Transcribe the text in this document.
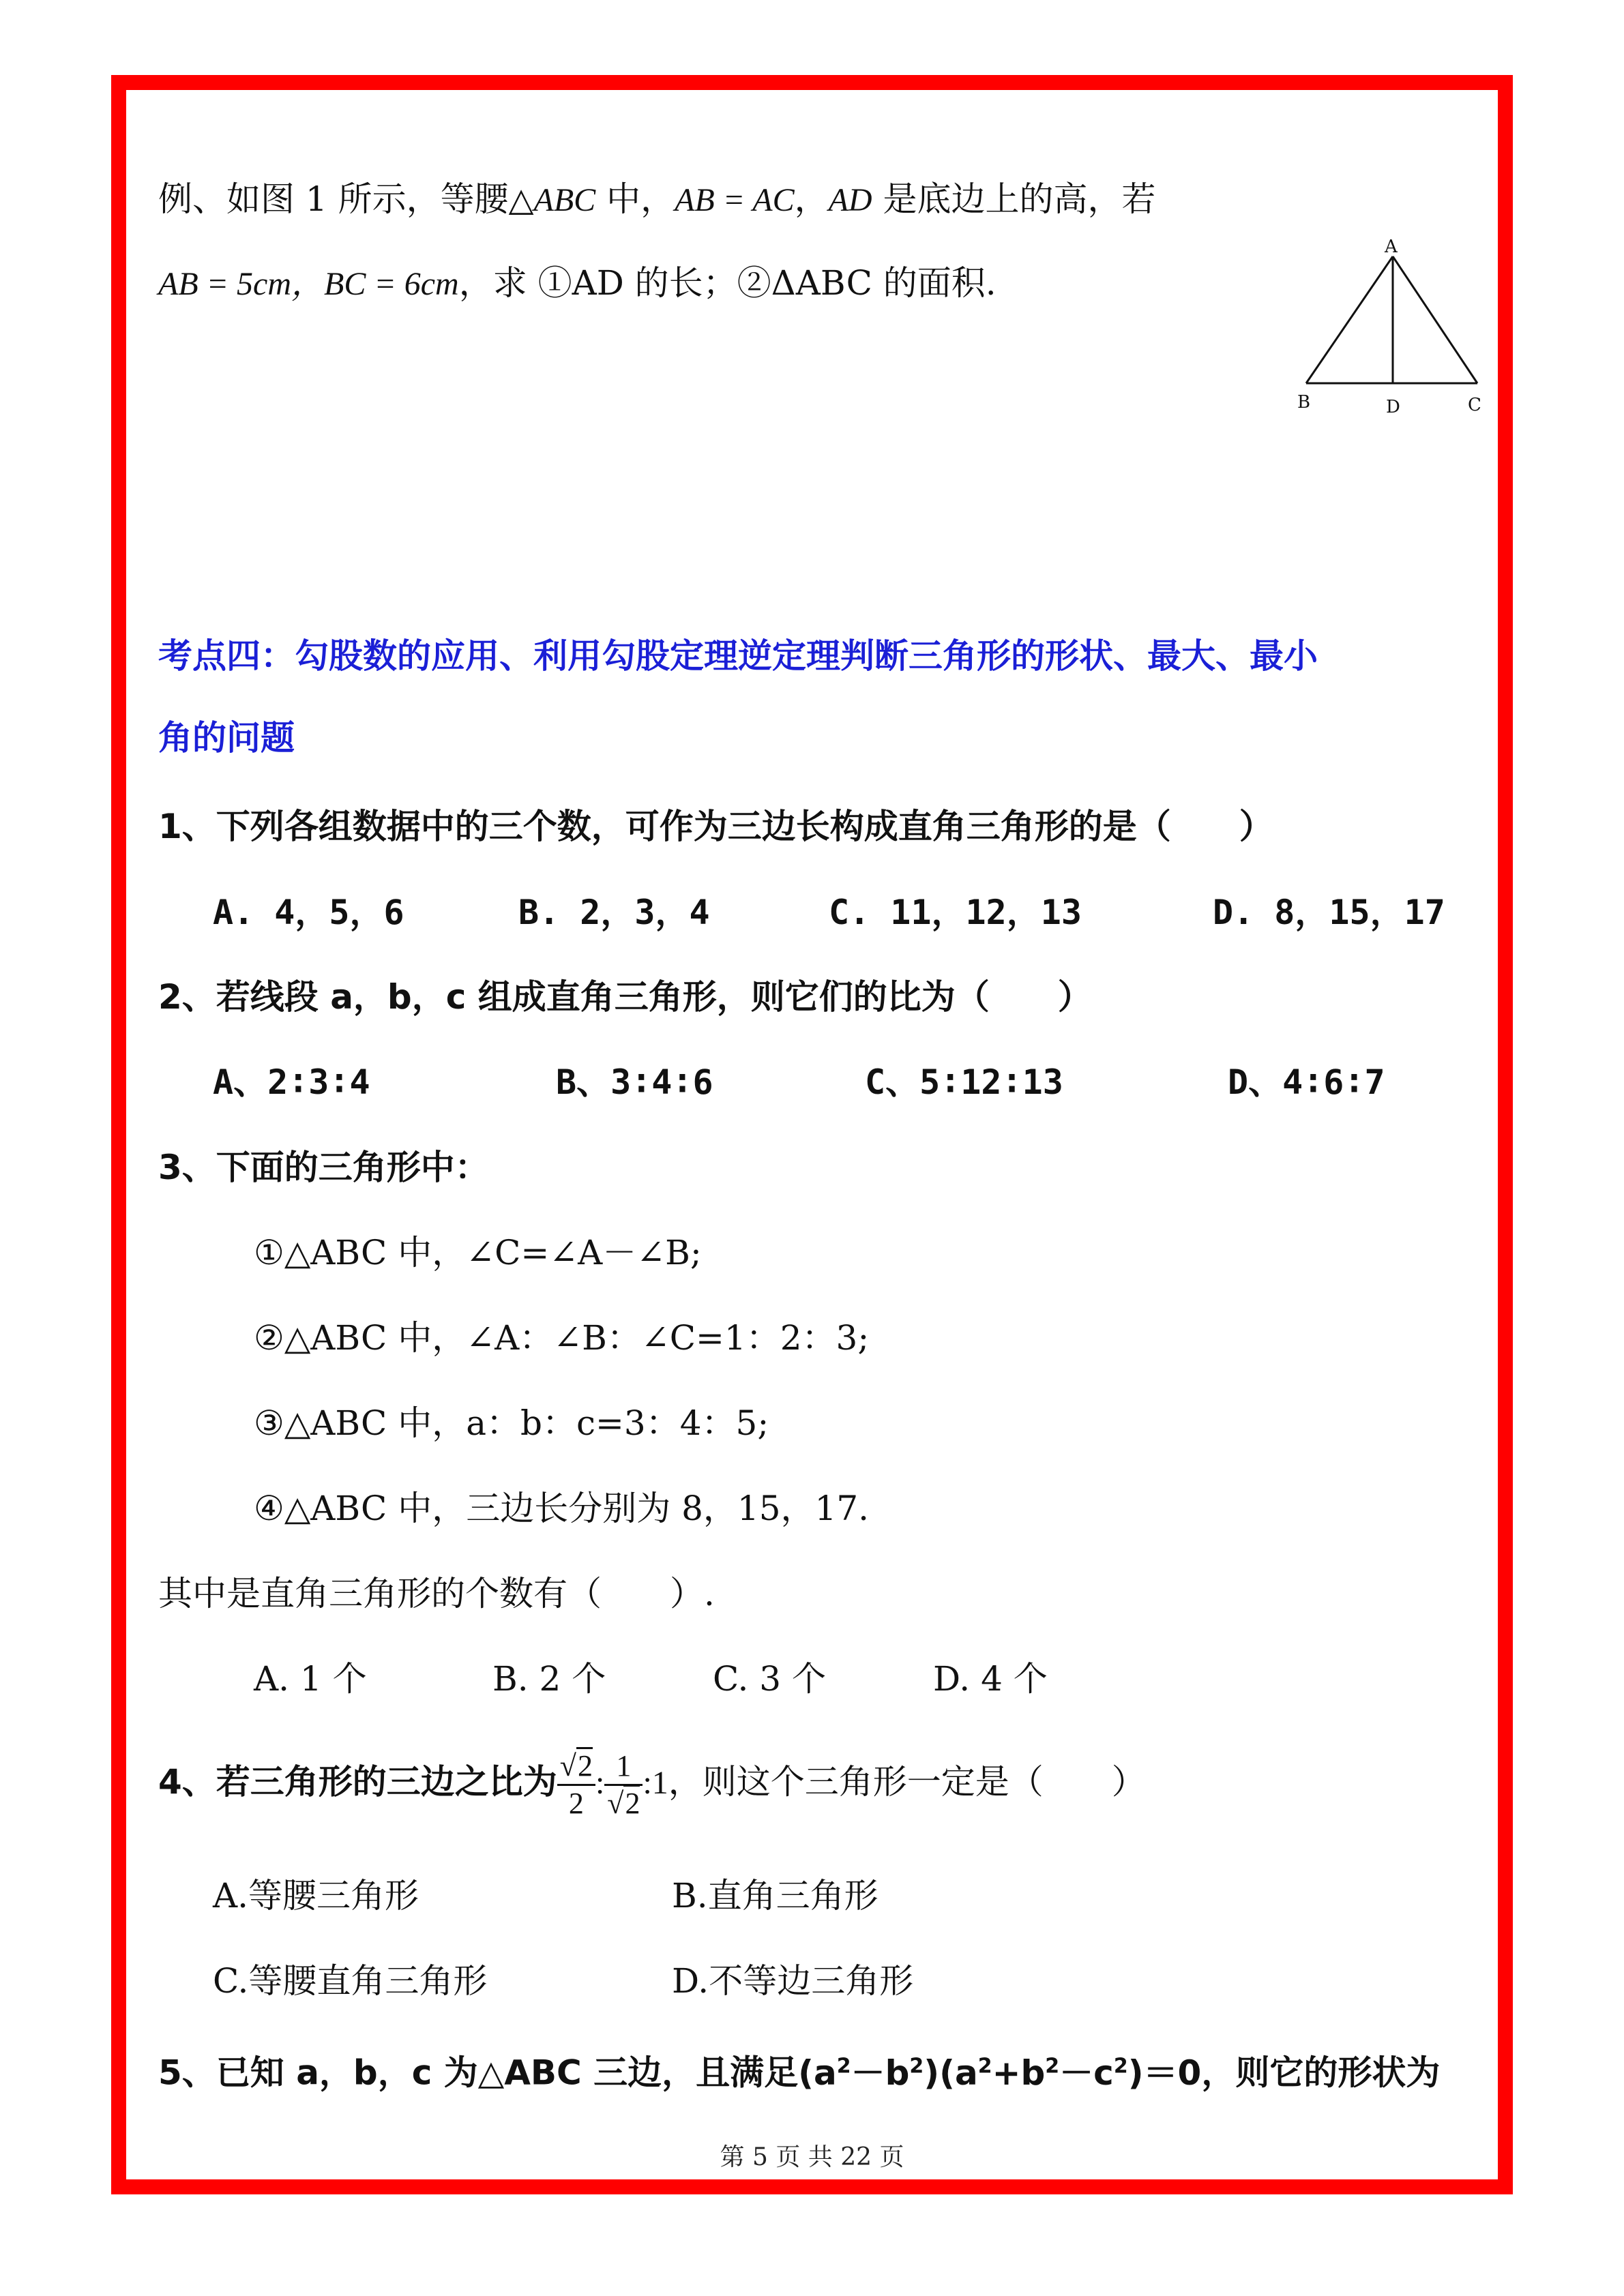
例、如图 1 所示，等腰△ABC 中，AB = AC，AD 是底边上的高，若
AB = 5cm，BC = 6cm，求 ①AD 的长；②ΔABC 的面积.
A
B	D	C
考点四：勾股数的应用、利用勾股定理逆定理判断三角形的形状、最大、最小
角的问题
1、下列各组数据中的三个数，可作为三边长构成直角三角形的是（　　）
A. 4，5，6	B. 2，3，4	C. 11，12，13	D. 8，15，17
2、若线段 a，b，c 组成直角三角形，则它们的比为（　　）
A、2∶3∶4	B、3∶4∶6	C、5∶12∶13	D、4∶6∶7
3、下面的三角形中：
①△ABC 中，∠C=∠A－∠B;
②△ABC 中，∠A：∠B：∠C=1：2：3;
③△ABC 中，a：b：c=3：4：5;
④△ABC 中，三边长分别为 8，15，17.
其中是直角三角形的个数有（　　）.
A. 1 个	B. 2 个	C. 3 个	D. 4 个
4、若三角形的三边之比为 $\frac{√2}{2}$ : $\frac{1}{√2}$ :1，则这个三角形一定是（　　）
A.等腰三角形	B.直角三角形
C.等腰直角三角形	D.不等边三角形
5、已知 a，b，c 为△ABC 三边，且满足$(a^2-b^2)(a^2+b^2-c^2)=0$，则它的形状为
第 5 页 共 22 页
